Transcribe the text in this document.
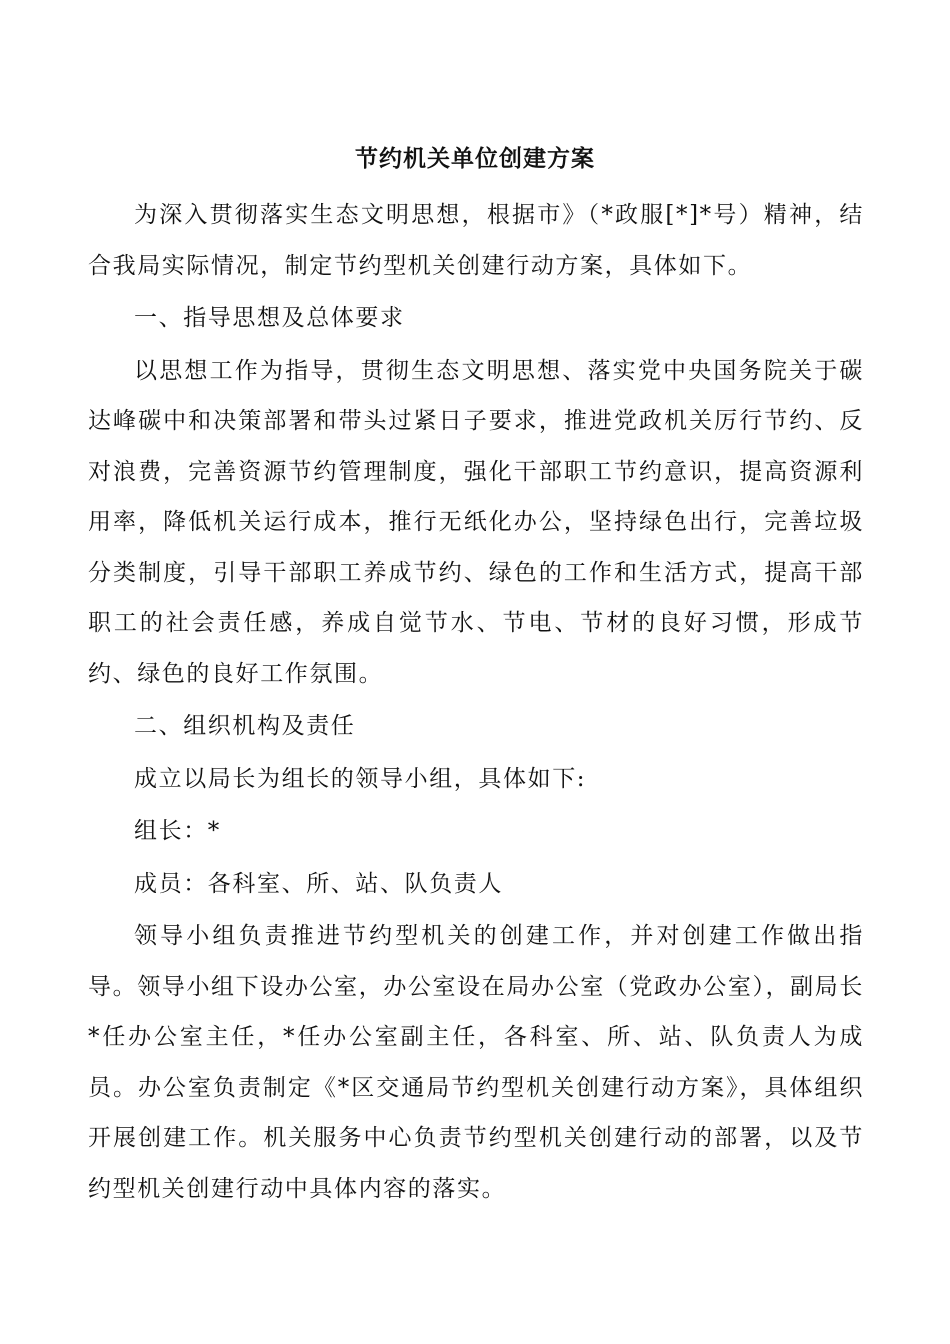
节约机关单位创建方案

为深入贯彻落实生态文明思想，根据市》（*政服[*]*号）精神，结合我局实际情况，制定节约型机关创建行动方案，具体如下。

一、指导思想及总体要求

以思想工作为指导，贯彻生态文明思想、落实党中央国务院关于碳达峰碳中和决策部署和带头过紧日子要求，推进党政机关厉行节约、反对浪费，完善资源节约管理制度，强化干部职工节约意识，提高资源利用率，降低机关运行成本，推行无纸化办公，坚持绿色出行，完善垃圾分类制度，引导干部职工养成节约、绿色的工作和生活方式，提高干部职工的社会责任感，养成自觉节水、节电、节材的良好习惯，形成节约、绿色的良好工作氛围。

二、组织机构及责任

成立以局长为组长的领导小组，具体如下:

组长：*

成员：各科室、所、站、队负责人

领导小组负责推进节约型机关的创建工作，并对创建工作做出指导。领导小组下设办公室，办公室设在局办公室（党政办公室），副局长*任办公室主任，*任办公室副主任，各科室、所、站、队负责人为成员。办公室负责制定《*区交通局节约型机关创建行动方案》，具体组织开展创建工作。机关服务中心负责节约型机关创建行动的部署，以及节约型机关创建行动中具体内容的落实。
